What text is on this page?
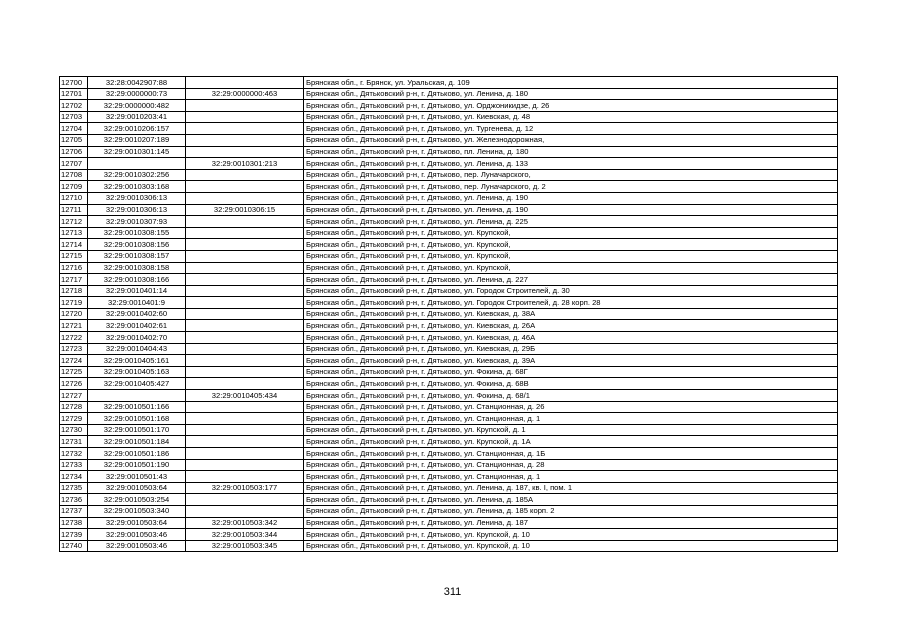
12700	32:28:0042907:88		Брянская обл., г. Брянск, ул. Уральская, д. 109
12701	32:29:0000000:73	32:29:0000000:463	Брянская обл., Дятьковский р-н, г. Дятьково, ул. Ленина, д. 180
12702	32:29:0000000:482		Брянская обл., Дятьковский р-н, г. Дятьково, ул. Орджоникидзе, д. 26
12703	32:29:0010203:41		Брянская обл., Дятьковский р-н, г. Дятьково, ул. Киевская, д. 48
12704	32:29:0010206:157		Брянская обл., Дятьковский р-н, г. Дятьково, ул. Тургенева, д. 12
12705	32:29:0010207:189		Брянская обл., Дятьковский р-н, г. Дятьково, ул. Железнодорожная,
12706	32:29:0010301:145		Брянская обл., Дятьковский р-н, г. Дятьково, пл. Ленина, д. 180
12707		32:29:0010301:213	Брянская обл., Дятьковский р-н, г. Дятьково, ул. Ленина, д. 133
12708	32:29:0010302:256		Брянская обл., Дятьковский р-н, г. Дятьково, пер. Луначарского,
12709	32:29:0010303:168		Брянская обл., Дятьковский р-н, г. Дятьково, пер. Луначарского, д. 2
12710	32:29:0010306:13		Брянская обл., Дятьковский р-н, г. Дятьково, ул. Ленина, д. 190
12711	32:29:0010306:13	32:29:0010306:15	Брянская обл., Дятьковский р-н, г. Дятьково, ул. Ленина, д. 190
12712	32:29:0010307:93		Брянская обл., Дятьковский р-н, г. Дятьково, ул. Ленина, д. 225
12713	32:29:0010308:155		Брянская обл., Дятьковский р-н, г. Дятьково, ул. Крупской,
12714	32:29:0010308:156		Брянская обл., Дятьковский р-н, г. Дятьково, ул. Крупской,
12715	32:29:0010308:157		Брянская обл., Дятьковский р-н, г. Дятьково, ул. Крупской,
12716	32:29:0010308:158		Брянская обл., Дятьковский р-н, г. Дятьково, ул. Крупской,
12717	32:29:0010308:166		Брянская обл., Дятьковский р-н, г. Дятьково, ул. Ленина, д. 227
12718	32:29:0010401:14		Брянская обл., Дятьковский р-н, г. Дятьково, ул. Городок Строителей, д. 30
12719	32:29:0010401:9		Брянская обл., Дятьковский р-н, г. Дятьково, ул. Городок Строителей, д. 28 корп. 28
12720	32:29:0010402:60		Брянская обл., Дятьковский р-н, г. Дятьково, ул. Киевская, д. 38А
12721	32:29:0010402:61		Брянская обл., Дятьковский р-н, г. Дятьково, ул. Киевская, д. 26А
12722	32:29:0010402:70		Брянская обл., Дятьковский р-н, г. Дятьково, ул. Киевская, д. 46А
12723	32:29:0010404:43		Брянская обл., Дятьковский р-н, г. Дятьково, ул. Киевская, д. 29Б
12724	32:29:0010405:161		Брянская обл., Дятьковский р-н, г. Дятьково, ул. Киевская, д. 39А
12725	32:29:0010405:163		Брянская обл., Дятьковский р-н, г. Дятьково, ул. Фокина, д. 68Г
12726	32:29:0010405:427		Брянская обл., Дятьковский р-н, г. Дятьково, ул. Фокина, д. 68В
12727		32:29:0010405:434	Брянская обл., Дятьковский р-н, г. Дятьково, ул. Фокина, д. 68/1
12728	32:29:0010501:166		Брянская обл., Дятьковский р-н, г. Дятьково, ул. Станционная, д. 26
12729	32:29:0010501:168		Брянская обл., Дятьковский р-н, г. Дятьково, ул. Станционная, д. 1
12730	32:29:0010501:170		Брянская обл., Дятьковский р-н, г. Дятьково, ул. Крупской, д. 1
12731	32:29:0010501:184		Брянская обл., Дятьковский р-н, г. Дятьково, ул. Крупской, д. 1А
12732	32:29:0010501:186		Брянская обл., Дятьковский р-н, г. Дятьково, ул. Станционная, д. 1Б
12733	32:29:0010501:190		Брянская обл., Дятьковский р-н, г. Дятьково, ул. Станционная, д. 28
12734	32:29:0010501:43		Брянская обл., Дятьковский р-н, г. Дятьково, ул. Станционная, д. 1
12735	32:29:0010503:64	32:29:0010503:177	Брянская обл., Дятьковский р-н, г. Дятьково, ул. Ленина, д. 187, кв. I, пом. 1
12736	32:29:0010503:254		Брянская обл., Дятьковский р-н, г. Дятьково, ул. Ленина, д. 185А
12737	32:29:0010503:340		Брянская обл., Дятьковский р-н, г. Дятьково, ул. Ленина, д. 185 корп. 2
12738	32:29:0010503:64	32:29:0010503:342	Брянская обл., Дятьковский р-н, г. Дятьково, ул. Ленина, д. 187
12739	32:29:0010503:46	32:29:0010503:344	Брянская обл., Дятьковский р-н, г. Дятьково, ул. Крупской, д. 10
12740	32:29:0010503:46	32:29:0010503:345	Брянская обл., Дятьковский р-н, г. Дятьково, ул. Крупской, д. 10
311
